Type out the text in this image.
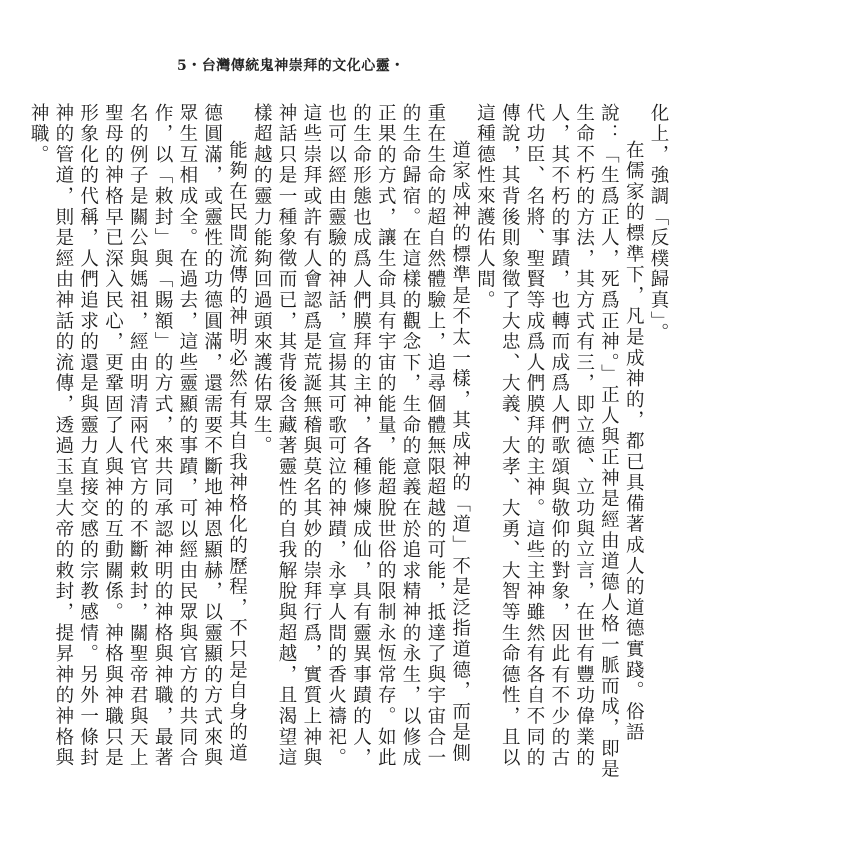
5・台灣傳統鬼神崇拜的文化心靈・

化上，強調「反樸歸真」。

在儒家的標準下，凡是成神的，都已具備著成人的道德實踐。俗語說：「生爲正人，死爲正神。」正人與正神是經由道德人格一脈而成，即是生命不朽的方法，其方式有三，即立德、立功與立言，在世有豐功偉業的人，其不朽的事蹟，也轉而成爲人們歌頌與敬仰的對象，因此有不少的古代功臣、名將、聖賢等成爲人們膜拜的主神。這些主神雖然有各自不同的傳說，其背後則象徵了大忠、大義、大孝、大勇、大智等生命德性，且以這種德性來護佑人間。

道家成神的標準是不太一樣，其成神的「道」不是泛指道德，而是側重在生命的超自然體驗上，追尋個體無限超越的可能，抵達了與宇宙合一的生命歸宿。在這樣的觀念下，生命的意義在於追求精神的永生，以修成正果的方式，讓生命具有宇宙的能量，能超脫世俗的限制永恆常存。如此的生命形態也成爲人們膜拜的主神，各種修煉成仙，具有靈異事蹟的人，也可以經由靈驗的神話，宣揚其可歌可泣的神蹟，永享人間的香火禱祀。這些崇拜或許有人會認爲是荒誕無稽與莫名其妙的崇拜行爲，實質上神與神話只是一種象徵而已，其背後含藏著靈性的自我解脫與超越，且渴望這樣超越的靈力能夠回過頭來護佑眾生。

能夠在民間流傳的神明必然有其自我神格化的歷程，不只是自身的道德圓滿，或靈性的功德圓滿，還需要不斷地神恩顯赫，以靈顯的方式來與眾生互相成全。在過去，這些靈顯的事蹟，可以經由民眾與官方的共同合作，以「敕封」與「賜額」的方式，來共同承認神明的神格與神職，最著名的例子是關公與媽祖，經由明清兩代官方的不斷敕封，關聖帝君與天上聖母的神格早已深入民心，更鞏固了人與神的互動關係。神格與神職只是形象化的代稱，人們追求的還是與靈力直接交感的宗教感情。另外一條封神的管道，則是經由神話的流傳，透過玉皇大帝的敕封，提昇神的神格與神職。
